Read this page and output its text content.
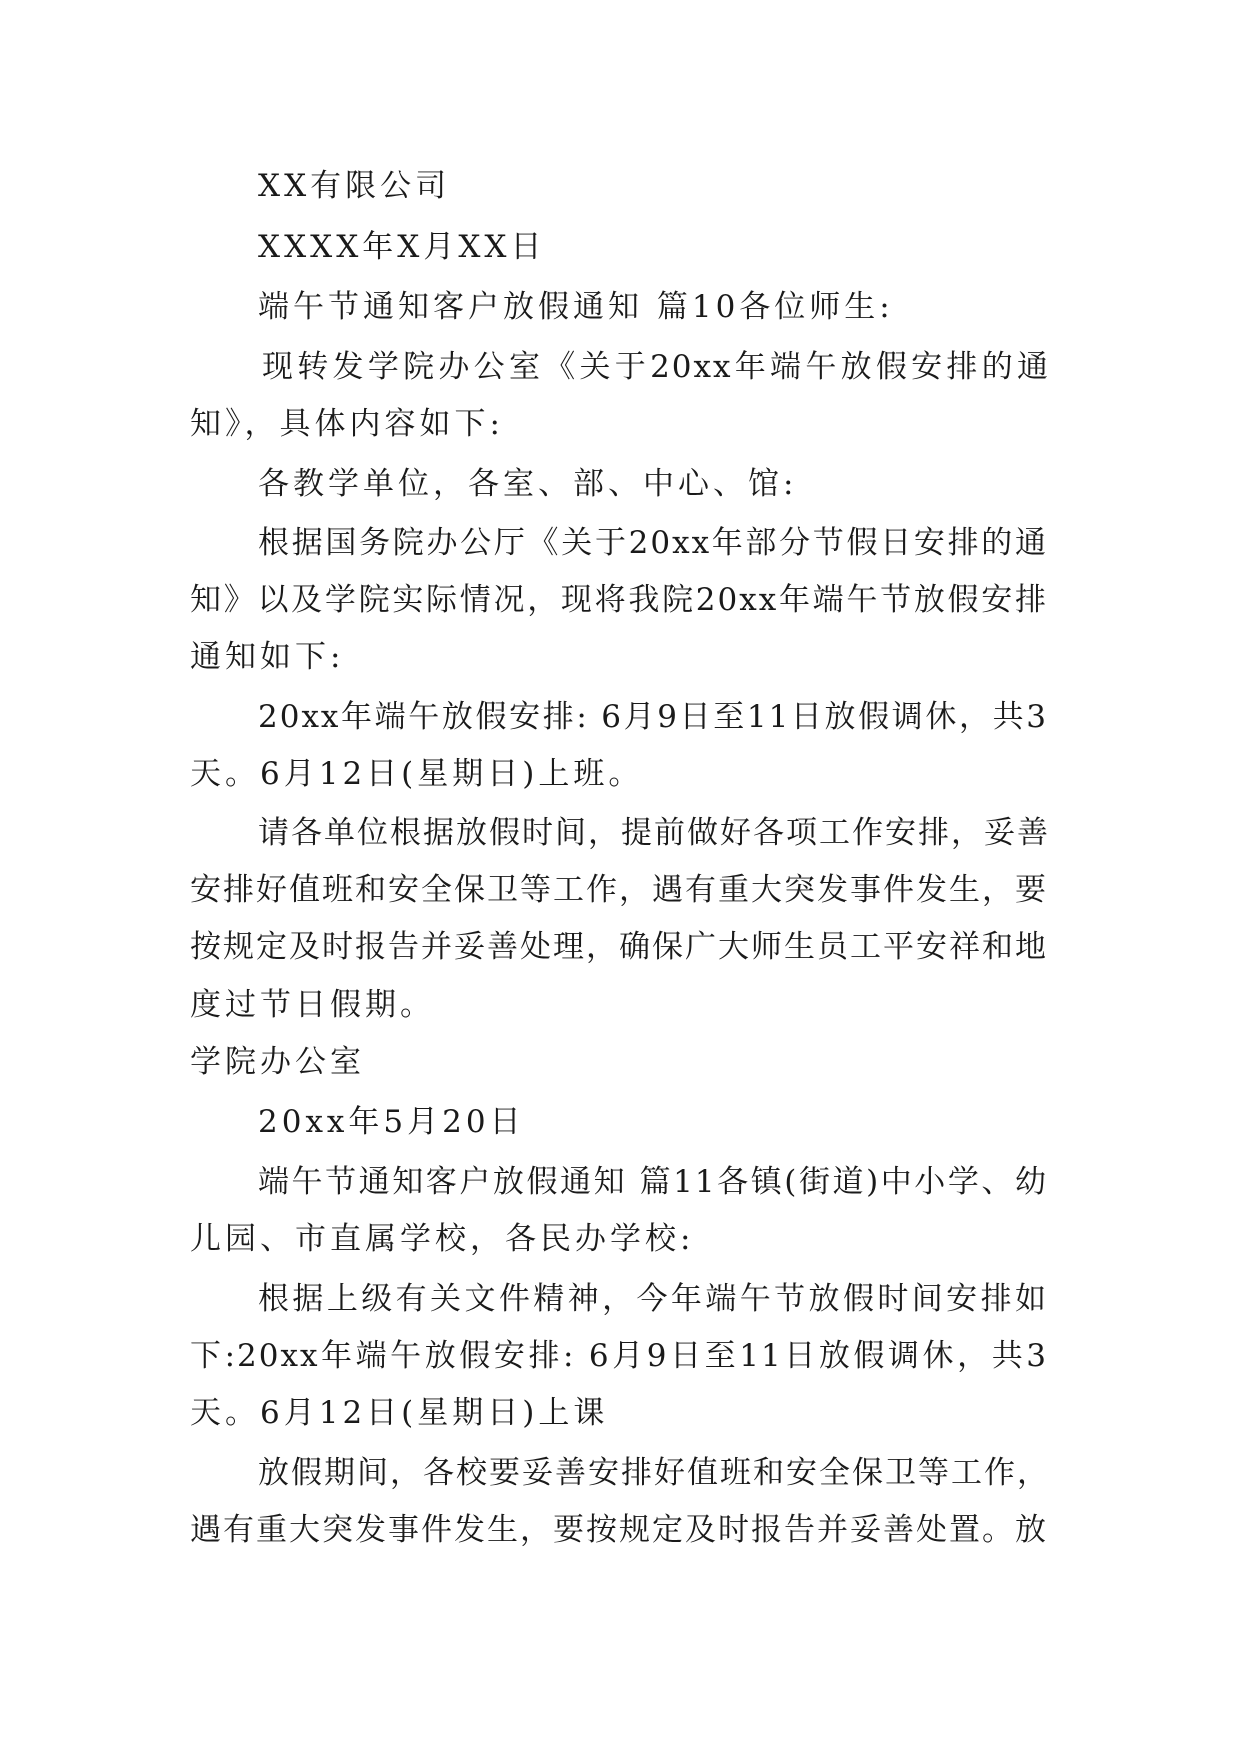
XX有限公司
XXXX年X月XX日
端午节通知客户放假通知 篇10各位师生:
现转发学院办公室《关于20xx年端午放假安排的通
知》，具体内容如下:
各教学单位，各室、部、中心、馆:
根据国务院办公厅《关于20xx年部分节假日安排的通
知》以及学院实际情况，现将我院20xx年端午节放假安排
通知如下:
20xx年端午放假安排: 6月9日至11日放假调休，共3
天。6月12日(星期日)上班。
请各单位根据放假时间，提前做好各项工作安排，妥善
安排好值班和安全保卫等工作，遇有重大突发事件发生，要
按规定及时报告并妥善处理，确保广大师生员工平安祥和地
度过节日假期。
学院办公室
20xx年5月20日
端午节通知客户放假通知 篇11各镇(街道)中小学、幼
儿园、市直属学校，各民办学校:
根据上级有关文件精神，今年端午节放假时间安排如
下:20xx年端午放假安排: 6月9日至11日放假调休，共3
天。6月12日(星期日)上课
放假期间，各校要妥善安排好值班和安全保卫等工作，
遇有重大突发事件发生，要按规定及时报告并妥善处置。放
